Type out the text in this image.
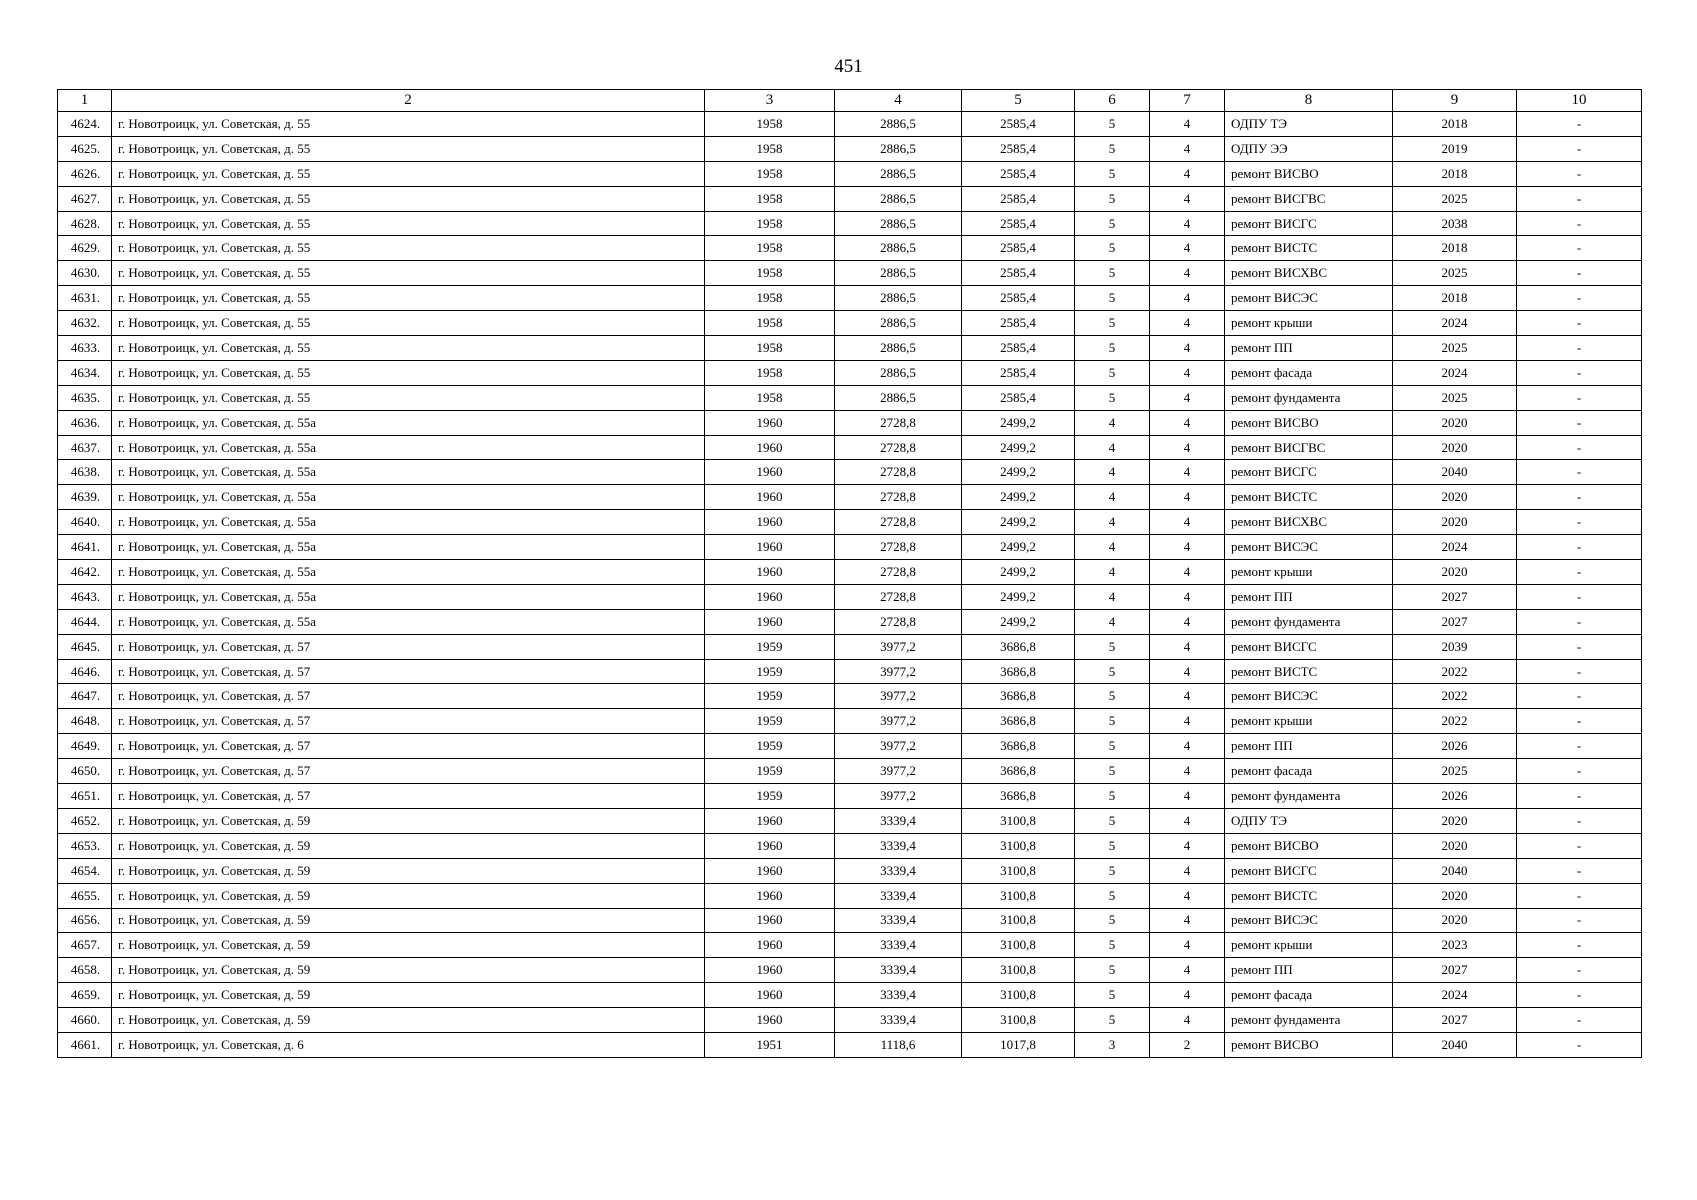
451
1	2	3	4	5	6	7	8	9	10
4624.	г. Новотроицк, ул. Советская, д. 55	1958	2886,5	2585,4	5	4	ОДПУ ТЭ	2018	-
4625.	г. Новотроицк, ул. Советская, д. 55	1958	2886,5	2585,4	5	4	ОДПУ ЭЭ	2019	-
4626.	г. Новотроицк, ул. Советская, д. 55	1958	2886,5	2585,4	5	4	ремонт ВИСВО	2018	-
4627.	г. Новотроицк, ул. Советская, д. 55	1958	2886,5	2585,4	5	4	ремонт ВИСГВС	2025	-
4628.	г. Новотроицк, ул. Советская, д. 55	1958	2886,5	2585,4	5	4	ремонт ВИСГС	2038	-
4629.	г. Новотроицк, ул. Советская, д. 55	1958	2886,5	2585,4	5	4	ремонт ВИСТС	2018	-
4630.	г. Новотроицк, ул. Советская, д. 55	1958	2886,5	2585,4	5	4	ремонт ВИСХВС	2025	-
4631.	г. Новотроицк, ул. Советская, д. 55	1958	2886,5	2585,4	5	4	ремонт ВИСЭС	2018	-
4632.	г. Новотроицк, ул. Советская, д. 55	1958	2886,5	2585,4	5	4	ремонт крыши	2024	-
4633.	г. Новотроицк, ул. Советская, д. 55	1958	2886,5	2585,4	5	4	ремонт ПП	2025	-
4634.	г. Новотроицк, ул. Советская, д. 55	1958	2886,5	2585,4	5	4	ремонт фасада	2024	-
4635.	г. Новотроицк, ул. Советская, д. 55	1958	2886,5	2585,4	5	4	ремонт фундамента	2025	-
4636.	г. Новотроицк, ул. Советская, д. 55а	1960	2728,8	2499,2	4	4	ремонт ВИСВО	2020	-
4637.	г. Новотроицк, ул. Советская, д. 55а	1960	2728,8	2499,2	4	4	ремонт ВИСГВС	2020	-
4638.	г. Новотроицк, ул. Советская, д. 55а	1960	2728,8	2499,2	4	4	ремонт ВИСГС	2040	-
4639.	г. Новотроицк, ул. Советская, д. 55а	1960	2728,8	2499,2	4	4	ремонт ВИСТС	2020	-
4640.	г. Новотроицк, ул. Советская, д. 55а	1960	2728,8	2499,2	4	4	ремонт ВИСХВС	2020	-
4641.	г. Новотроицк, ул. Советская, д. 55а	1960	2728,8	2499,2	4	4	ремонт ВИСЭС	2024	-
4642.	г. Новотроицк, ул. Советская, д. 55а	1960	2728,8	2499,2	4	4	ремонт крыши	2020	-
4643.	г. Новотроицк, ул. Советская, д. 55а	1960	2728,8	2499,2	4	4	ремонт ПП	2027	-
4644.	г. Новотроицк, ул. Советская, д. 55а	1960	2728,8	2499,2	4	4	ремонт фундамента	2027	-
4645.	г. Новотроицк, ул. Советская, д. 57	1959	3977,2	3686,8	5	4	ремонт ВИСГС	2039	-
4646.	г. Новотроицк, ул. Советская, д. 57	1959	3977,2	3686,8	5	4	ремонт ВИСТС	2022	-
4647.	г. Новотроицк, ул. Советская, д. 57	1959	3977,2	3686,8	5	4	ремонт ВИСЭС	2022	-
4648.	г. Новотроицк, ул. Советская, д. 57	1959	3977,2	3686,8	5	4	ремонт крыши	2022	-
4649.	г. Новотроицк, ул. Советская, д. 57	1959	3977,2	3686,8	5	4	ремонт ПП	2026	-
4650.	г. Новотроицк, ул. Советская, д. 57	1959	3977,2	3686,8	5	4	ремонт фасада	2025	-
4651.	г. Новотроицк, ул. Советская, д. 57	1959	3977,2	3686,8	5	4	ремонт фундамента	2026	-
4652.	г. Новотроицк, ул. Советская, д. 59	1960	3339,4	3100,8	5	4	ОДПУ ТЭ	2020	-
4653.	г. Новотроицк, ул. Советская, д. 59	1960	3339,4	3100,8	5	4	ремонт ВИСВО	2020	-
4654.	г. Новотроицк, ул. Советская, д. 59	1960	3339,4	3100,8	5	4	ремонт ВИСГС	2040	-
4655.	г. Новотроицк, ул. Советская, д. 59	1960	3339,4	3100,8	5	4	ремонт ВИСТС	2020	-
4656.	г. Новотроицк, ул. Советская, д. 59	1960	3339,4	3100,8	5	4	ремонт ВИСЭС	2020	-
4657.	г. Новотроицк, ул. Советская, д. 59	1960	3339,4	3100,8	5	4	ремонт крыши	2023	-
4658.	г. Новотроицк, ул. Советская, д. 59	1960	3339,4	3100,8	5	4	ремонт ПП	2027	-
4659.	г. Новотроицк, ул. Советская, д. 59	1960	3339,4	3100,8	5	4	ремонт фасада	2024	-
4660.	г. Новотроицк, ул. Советская, д. 59	1960	3339,4	3100,8	5	4	ремонт фундамента	2027	-
4661.	г. Новотроицк, ул. Советская, д. 6	1951	1118,6	1017,8	3	2	ремонт ВИСВО	2040	-
